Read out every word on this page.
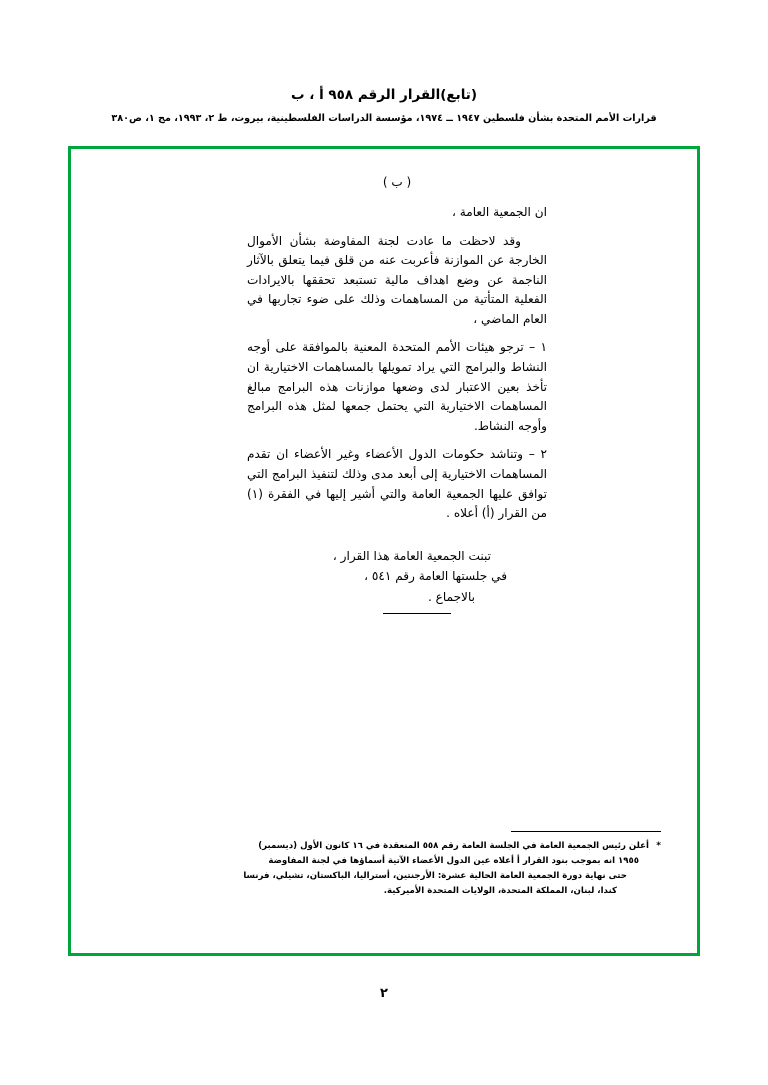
(تابع)القرار الرقم ٩٥٨ أ ، ب
قرارات الأمم المتحدة بشأن فلسطين ١٩٤٧ ــ ١٩٧٤، مؤسسة الدراسات الفلسطينية، بيروت، ط ٢، ١٩٩٣، مج ١، ص٣٨٠
( ب )

ان الجمعية العامة ،

وقد لاحظت ما عادت لجنة المفاوضة بشأن الأموال الخارجة عن الموازنة فأعربت عنه من قلق فيما يتعلق بالآثار الناجمة عن وضع اهداف مالية تستبعد تحققها بالايرادات الفعلية المتأتية من المساهمات وذلك على ضوء تجاربها في العام الماضي ،

١ – ترجو هيئات الأمم المتحدة المعنية بالموافقة على أوجه النشاط والبرامج التي يراد تمويلها بالمساهمات الاختيارية ان تأخذ بعين الاعتبار لدى وضعها موازنات هذه البرامج مبالغ المساهمات الاختيارية التي يحتمل جمعها لمثل هذه البرامج وأوجه النشاط.

٢ – وتناشد حكومات الدول الأعضاء وغير الأعضاء ان تقدم المساهمات الاختيارية إلى أبعد مدى وذلك لتنفيذ البرامج التي توافق عليها الجمعية العامة والتي أشير إليها في الفقرة (١) من القرار (أ) أعلاه .

تبنت الجمعية العامة هذا القرار ،
في جلستها العامة رقم ٥٤١ ،
بالاجماع .
*
أعلن رئيس الجمعية العامة في الجلسة العامة رقم ٥٥٨ المنعقدة في ١٦ كانون الأول (ديسمبر)
١٩٥٥ انه بموجب بنود القرار أ أعلاه عين الدول الأعضاء الآتية أسماؤها في لجنة المفاوضة
حتى نهاية دورة الجمعية العامة الحالية عشرة: الأرجنتين، أستراليا، الباكستان، تشيلي، فرنسا
كندا، لبنان، المملكة المتحدة، الولايات المتحدة الأميركية.
٢
